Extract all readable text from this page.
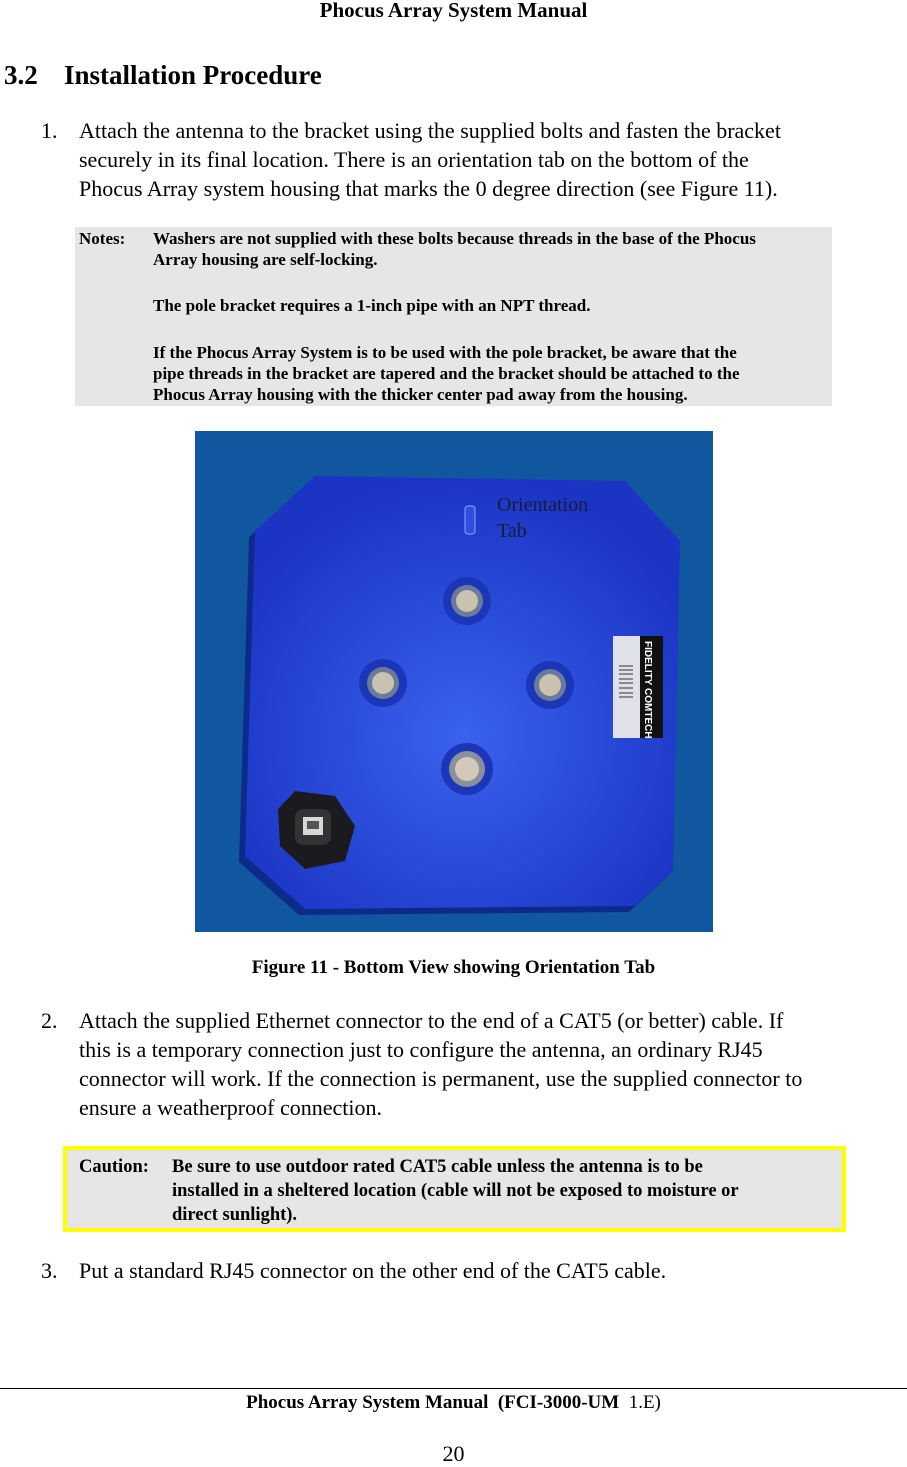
Phocus Array System Manual
3.2 Installation Procedure
1. Attach the antenna to the bracket using the supplied bolts and fasten the bracket
securely in its final location. There is an orientation tab on the bottom of the
Phocus Array system housing that marks the 0 degree direction (see Figure 11).
Notes: Washers are not supplied with these bolts because threads in the base of the Phocus
Array housing are self-locking.
The pole bracket requires a 1-inch pipe with an NPT thread.
If the Phocus Array System is to be used with the pole bracket, be aware that the
pipe threads in the bracket are tapered and the bracket should be attached to the
Phocus Array housing with the thicker center pad away from the housing.
Orientation
Tab
FIDELITY COMTECH
Figure 11 - Bottom View showing Orientation Tab
2. Attach the supplied Ethernet connector to the end of a CAT5 (or better) cable. If
this is a temporary connection just to configure the antenna, an ordinary RJ45
connector will work. If the connection is permanent, use the supplied connector to
ensure a weatherproof connection.
Caution: Be sure to use outdoor rated CAT5 cable unless the antenna is to be
installed in a sheltered location (cable will not be exposed to moisture or
direct sunlight).
3. Put a standard RJ45 connector on the other end of the CAT5 cable.
Phocus Array System Manual (FCI-3000-UM 1.E)
20
